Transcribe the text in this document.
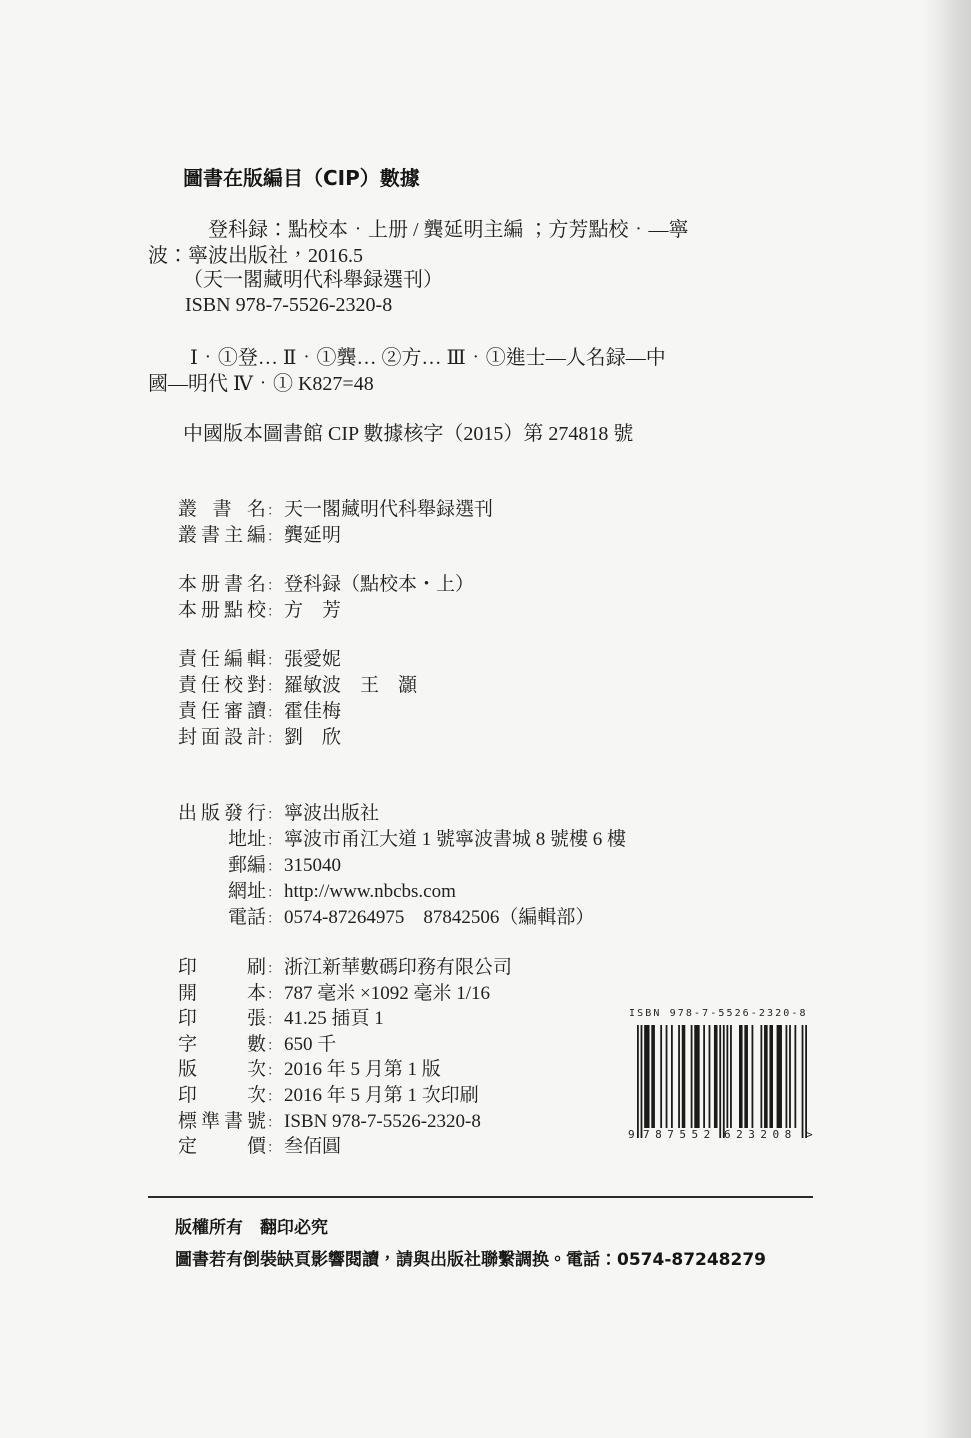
圖書在版編目（CIP）數據
登科録：點校本．上册 / 龔延明主編 ；方芳點校．—寧
波：寧波出版社，2016.5
（天一閣藏明代科舉録選刊）
ISBN 978-7-5526-2320-8
Ⅰ．①登… Ⅱ．①龔… ②方… Ⅲ．①進士—人名録—中
國—明代 Ⅳ．① K827=48
中國版本圖書館 CIP 數據核字（2015）第 274818 號
叢 書 名： 天一閣藏明代科舉録選刊
叢書主編： 龔延明
本册書名： 登科録（點校本・上）
本册點校： 方　芳
責任編輯： 張愛妮
責任校對： 羅敏波　王　灝
責任審讀： 霍佳梅
封面設計： 劉　欣
出版發行： 寧波出版社
地址： 寧波市甬江大道 1 號寧波書城 8 號樓 6 樓
郵編： 315040
網址： http://www.nbcbs.com
電話： 0574-87264975　87842506（編輯部）
印 刷： 浙江新華數碼印務有限公司
開 本： 787 毫米 ×1092 毫米 1/16
印 張： 41.25 插頁 1
字 數： 650 千
版 次： 2016 年 5 月第 1 版
印 次： 2016 年 5 月第 1 次印刷
標準書號： ISBN 978-7-5526-2320-8
定 價： 叁佰圓
ISBN 978-7-5526-2320-8
9 787552 623208 >
版權所有　翻印必究
圖書若有倒裝缺頁影響閱讀，請與出版社聯繫調换。電話：0574-87248279
